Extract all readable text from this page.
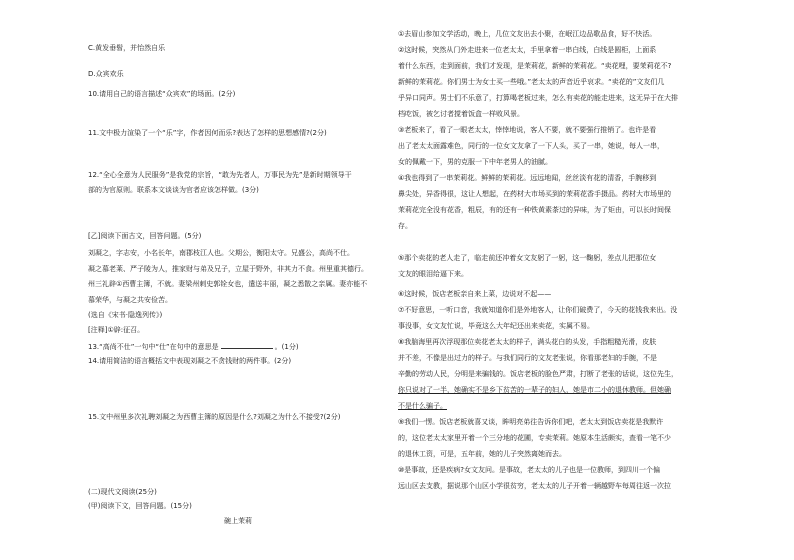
C.黄发垂髫，并怡然自乐
D.众宾欢乐
10.请用自己的语言描述“众宾欢”的场面。(2分)
11.文中极力渲染了一个“乐”字，作者因何而乐?表达了怎样的思想感情?(2分)
12.“全心全意为人民服务”是我党的宗旨，“敢为先者人，万事民为先”是新时期领导干
部的为官原则。联系本文谈谈为官者应该怎样做。(3分)
[乙]阅读下面古文，回答问题。(5分)
刘凝之，字志安，小名长年，南郡枝江人也。父期公，衡阳太守。兄盛公，高尚不仕。
凝之慕老莱、严子陵为人，推家财与弟及兄子，立屋于野外，非其力不食。州里重其德行。
州三礼辟①西曹主簿，不就。妻梁州刺史郭铨女也，遣送丰丽，凝之悉散之亲属。妻亦能不
慕荣华，与凝之共安俭苦。
(选自《宋书·隐逸列传》)
[注释]①辟:征召。
13.“高尚不仕”一句中“仕”在句中的意思是	。(1分)
14.请用简洁的语言概括文中表现刘凝之不贪钱财的两件事。(2分)
15.文中州里多次礼聘刘凝之为西曹主簿的原因是什么?刘凝之为什么不接受?(2分)
(二)现代文阅读(25分)
(甲)阅读下文，回答问题。(15分)
碗上茉莉
①去眉山参加文学活动，晚上，几位文友出去小聚，在岷江边品歌品食，好不快活。
②这时候，突然从门外走进来一位老太太，手里拿着一串白线，白线是圆柜，上面系
着什么东西，走到面前，我们才发现，是茉莉花，新鲜的茉莉花。“卖花哩，要茉莉花不?
新鲜的茉莉花。你们男士为女士买一些哦。”老太太的声音近乎哀求。“卖花的”文友们几
乎异口同声。男士们不乐意了，打算喝老板过来，怎么有卖花的能走进来，这无异于在大排
档吃饭，被乞讨者搅着饭盒一样败风景。
③老板来了，看了一眼老太太，悻悻地说，客人不要，就不要强行推销了。也许是看
出了老太太面露难色，同行的一位女文友拿了一下人头，买了一串，她说，每人一串，
女的佩戴一下，男的克服一下中年老男人的油腻。
④我也得到了一串茉莉花。鲜鲜的茉莉花。远远地闻，丝丝淡有花的清香，手腕移到
鼻尖处，异香得很，这让人想起，在药材大市场买到的茉莉花香手摄品。药材大市场里的
茉莉花完全没有花香，粗辰，有的还有一种铁黄素茶过的异味，为了矩由，可以长时间保
存。
⑤那个卖花的老人走了，临走前还冲着女文友躬了一躬，这一鞠躬，差点儿把那位女
文友的眼泪给逼下来。
⑥这时候，饭店老板亲自来上菜，边说对不起——
⑦不好意思，一听口音，我就知道你们是外地客人，让你们破费了，今天的花钱我来出。没
事没事，女文友忙说，毕竟这么大年纪还出来卖花，实属不易。
⑧我脑海里再次浮现那位卖花老太太的样子，满头花白的头发，手指粗糙光滑，皮肤
并不差，不像是出过力的样子。与我们同行的文友老张说，你看那老妇的手腕，不是
辛勤的劳动人民，分明是来骗钱的。饭店老板的脸色严肃，打断了老张的话说，这位先生，
你只说对了一半，她确实不是乡下贫苦的一辈子的妇人，她是市二小的退休教师。但她确
不是什么骗子。
⑨我们一愣。饭店老板就喜又谈，眸明亮弟往告诉你们吧，老太太到饭店卖花是我默许
的，这位老太太家里开着一个三分地的花圃，专卖茉莉。她原本生活颇实，查看一笔不少
的退休工资，可是，五年前，她的儿子突然离她而去。
⑩是事故，还是疾病?女文友问。是事故，老太太的儿子也是一位教师，到四川一个偏
远山区去支教，据说那个山区小学很贫穷，老太太的儿子开着一辆越野车每周往返一次拉
